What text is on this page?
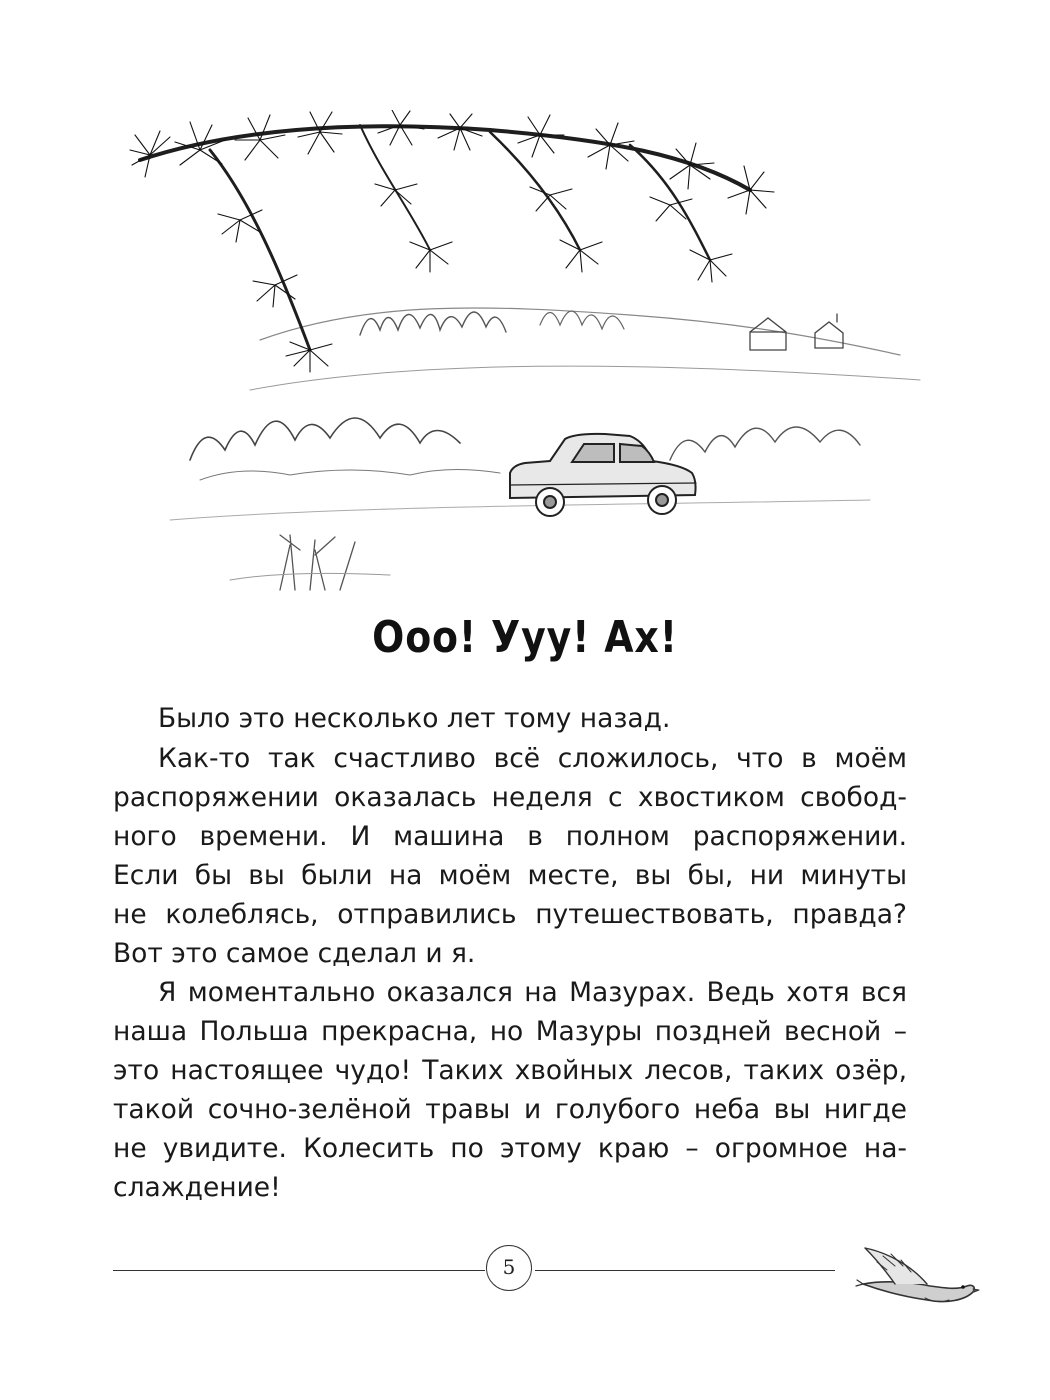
Ооо! Ууу! Ах!
Было это несколько лет тому назад.
Как-то так счастливо всё сложилось, что в моём
распоряжении оказалась неделя с хвостиком свобод-
ного времени. И машина в полном распоряжении.
Если бы вы были на моём месте, вы бы, ни минуты
не колеблясь, отправились путешествовать, правда?
Вот это самое сделал и я.
Я моментально оказался на Мазурах. Ведь хотя вся
наша Польша прекрасна, но Мазуры поздней весной –
это настоящее чудо! Таких хвойных лесов, таких озёр,
такой сочно-зелёной травы и голубого неба вы нигде
не увидите. Колесить по этому краю – огромное на-
слаждение!
5
